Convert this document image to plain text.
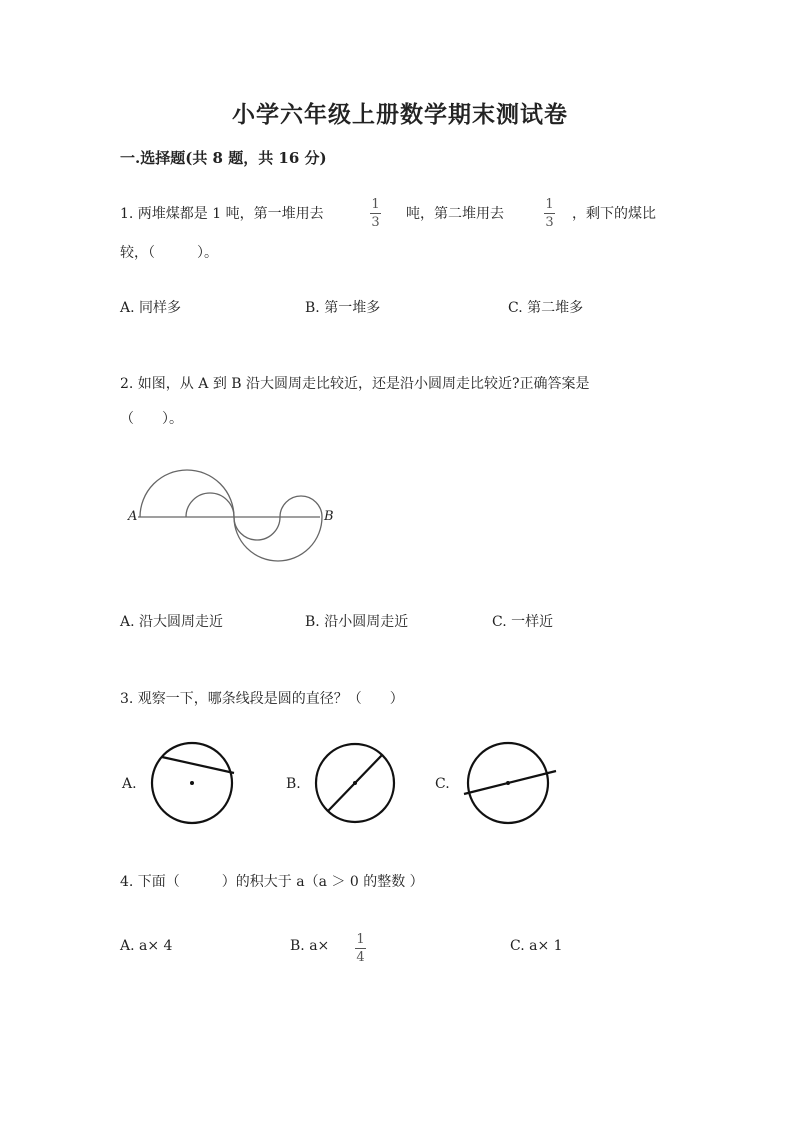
小学六年级上册数学期末测试卷
一.选择题(共 8 题，共 16 分)
1. 两堆煤都是 1 吨，第一堆用去
1
3
吨，第二堆用去
1
3
，剩下的煤比
较，（　　　）。
A. 同样多	B. 第一堆多	C. 第二堆多
2. 如图，从 A 到 B 沿大圆周走比较近，还是沿小圆周走比较近?正确答案是
（　　）。
A	B
A. 沿大圆周走近	B. 沿小圆周走近	C. 一样近
3. 观察一下，哪条线段是圆的直径？（　　）
A.	B.	C.
4. 下面（　　　）的积大于 a（a ＞ 0 的整数 ）
A. a× 4	B. a× 1
4
C. a× 1
